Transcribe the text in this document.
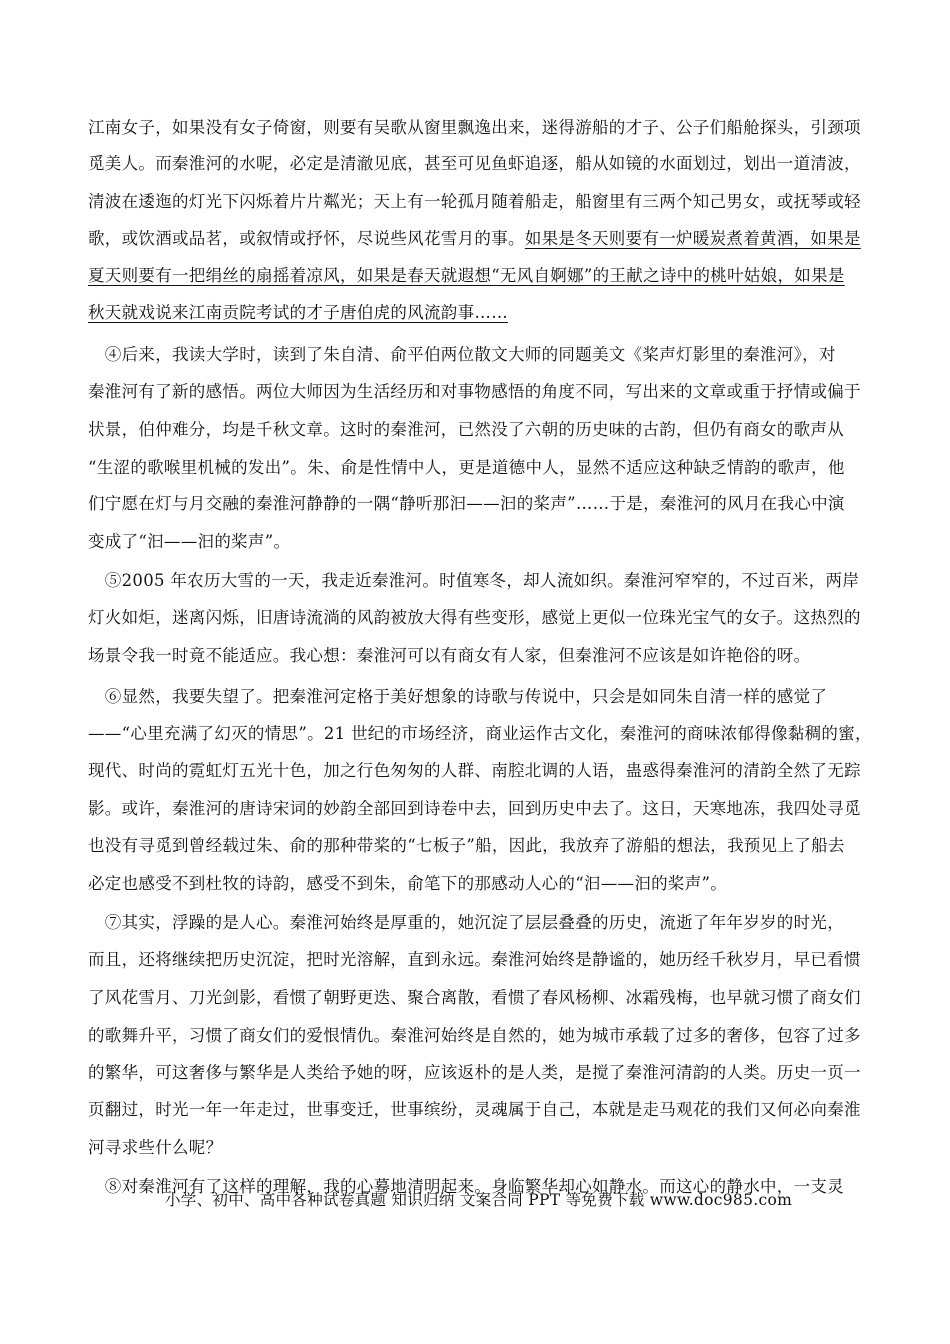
江南女子，如果没有女子倚窗，则要有吴歌从窗里飘逸出来，迷得游船的才子、公子们船舱探头，引颈项
觅美人。而秦淮河的水呢，必定是清澈见底，甚至可见鱼虾追逐，船从如镜的水面划过，划出一道清波，
清波在逶迤的灯光下闪烁着片片粼光；天上有一轮孤月随着船走，船窗里有三两个知己男女，或抚琴或轻
歌，或饮酒或品茗，或叙情或抒怀，尽说些风花雪月的事。如果是冬天则要有一炉暖炭煮着黄酒，如果是
夏天则要有一把绢丝的扇摇着凉风，如果是春天就遐想“无风自婀娜”的王献之诗中的桃叶姑娘，如果是
秋天就戏说来江南贡院考试的才子唐伯虎的风流韵事……
　④后来，我读大学时，读到了朱自清、俞平伯两位散文大师的同题美文《桨声灯影里的秦淮河》，对
秦淮河有了新的感悟。两位大师因为生活经历和对事物感悟的角度不同，写出来的文章或重于抒情或偏于
状景，伯仲难分，均是千秋文章。这时的秦淮河，已然没了六朝的历史味的古韵，但仍有商女的歌声从
“生涩的歌喉里机械的发出”。朱、俞是性情中人，更是道德中人，显然不适应这种缺乏情韵的歌声，他
们宁愿在灯与月交融的秦淮河静静的一隅“静听那汩——汩的桨声”……于是，秦淮河的风月在我心中演
变成了“汩——汩的桨声”。
　⑤2005 年农历大雪的一天，我走近秦淮河。时值寒冬，却人流如织。秦淮河窄窄的，不过百米，两岸
灯火如炬，迷离闪烁，旧唐诗流淌的风韵被放大得有些变形，感觉上更似一位珠光宝气的女子。这热烈的
场景令我一时竟不能适应。我心想：秦淮河可以有商女有人家，但秦淮河不应该是如许艳俗的呀。
　⑥显然，我要失望了。把秦淮河定格于美好想象的诗歌与传说中，只会是如同朱自清一样的感觉了
——“心里充满了幻灭的情思”。21 世纪的市场经济，商业运作古文化，秦淮河的商味浓郁得像黏稠的蜜，
现代、时尚的霓虹灯五光十色，加之行色匆匆的人群、南腔北调的人语，蛊惑得秦淮河的清韵全然了无踪
影。或许，秦淮河的唐诗宋词的妙韵全部回到诗卷中去，回到历史中去了。这日，天寒地冻，我四处寻觅
也没有寻觅到曾经载过朱、俞的那种带桨的“七板子”船，因此，我放弃了游船的想法，我预见上了船去
必定也感受不到杜牧的诗韵，感受不到朱，俞笔下的那感动人心的“汩——汩的桨声”。
　⑦其实，浮躁的是人心。秦淮河始终是厚重的，她沉淀了层层叠叠的历史，流逝了年年岁岁的时光，
而且，还将继续把历史沉淀，把时光溶解，直到永远。秦淮河始终是静谧的，她历经千秋岁月，早已看惯
了风花雪月、刀光剑影，看惯了朝野更迭、聚合离散，看惯了春风杨柳、冰霜残梅，也早就习惯了商女们
的歌舞升平，习惯了商女们的爱恨情仇。秦淮河始终是自然的，她为城市承载了过多的奢侈，包容了过多
的繁华，可这奢侈与繁华是人类给予她的呀，应该返朴的是人类，是搅了秦淮河清韵的人类。历史一页一
页翻过，时光一年一年走过，世事变迁，世事缤纷，灵魂属于自己，本就是走马观花的我们又何必向秦淮
河寻求些什么呢？
　⑧对秦淮河有了这样的理解，我的心蓦地清明起来。身临繁华却心如静水。而这心的静水中，一支灵
小学、初中、高中各种试卷真题 知识归纳 文案合同 PPT 等免费下载 www.doc985.com
